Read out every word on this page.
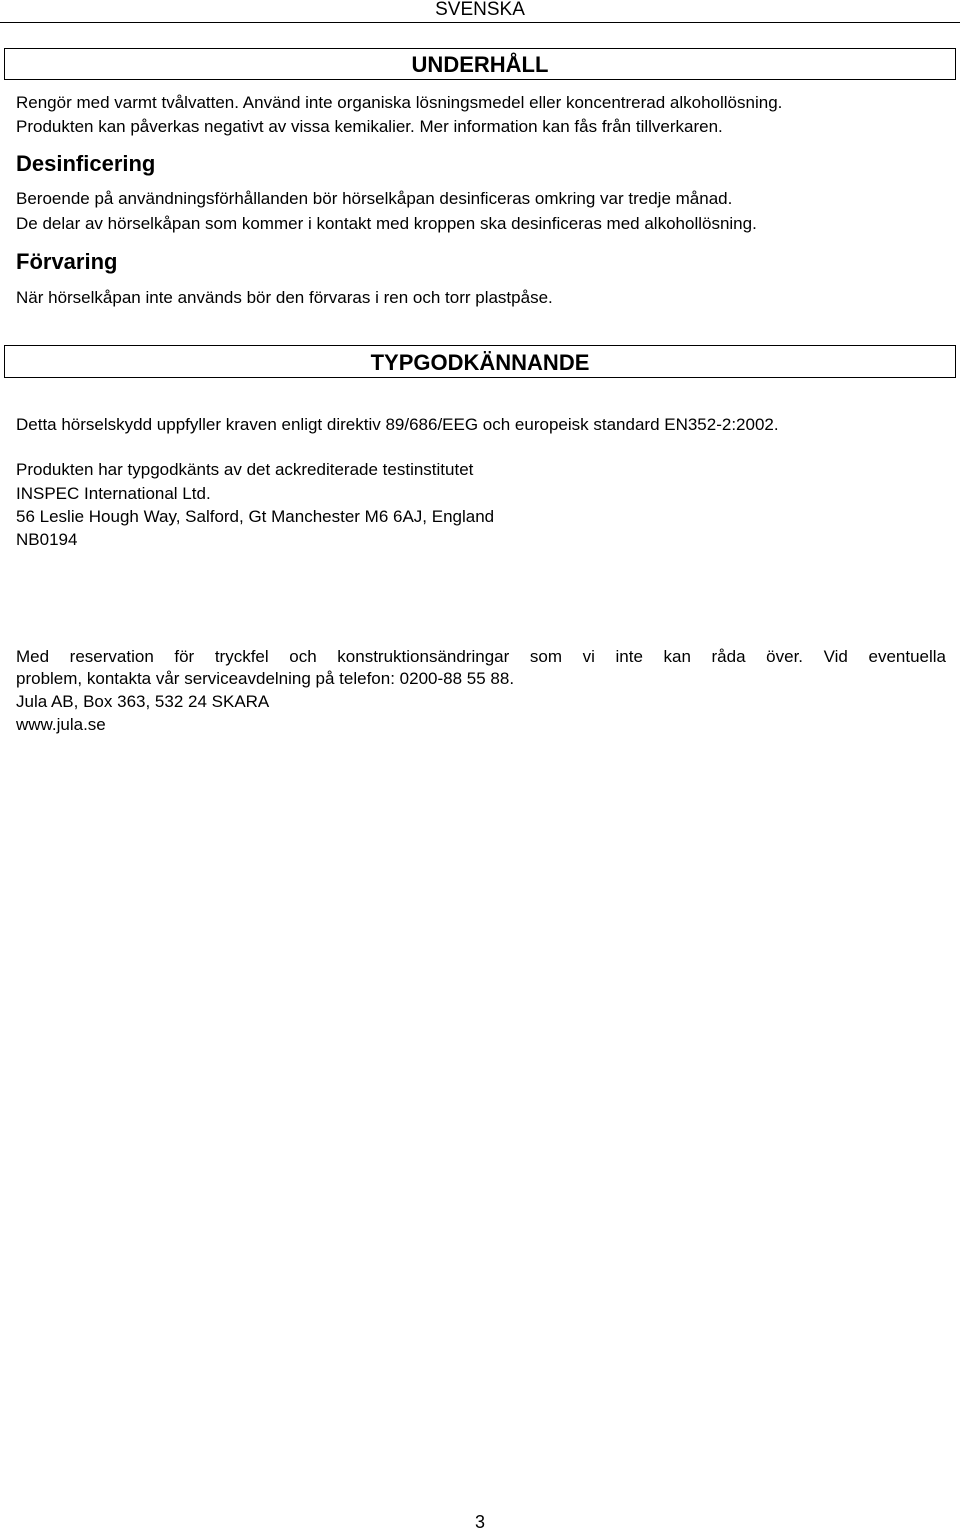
SVENSKA
UNDERHÅLL
Rengör med varmt tvålvatten. Använd inte organiska lösningsmedel eller koncentrerad alkohollösning.
Produkten kan påverkas negativt av vissa kemikalier. Mer information kan fås från tillverkaren.
Desinficering
Beroende på användningsförhållanden bör hörselkåpan desinficeras omkring var tredje månad.
De delar av hörselkåpan som kommer i kontakt med kroppen ska desinficeras med alkohollösning.
Förvaring
När hörselkåpan inte används bör den förvaras i ren och torr plastpåse.
TYPGODKÄNNANDE
Detta hörselskydd uppfyller kraven enligt direktiv 89/686/EEG och europeisk standard EN352-2:2002.
Produkten har typgodkänts av det ackrediterade testinstitutet
INSPEC International Ltd.
56 Leslie Hough Way, Salford, Gt Manchester M6 6AJ, England
NB0194
Med reservation för tryckfel och konstruktionsändringar som vi inte kan råda över. Vid eventuella
problem, kontakta vår serviceavdelning på telefon: 0200-88 55 88.
Jula AB, Box 363, 532 24 SKARA
www.jula.se
3
